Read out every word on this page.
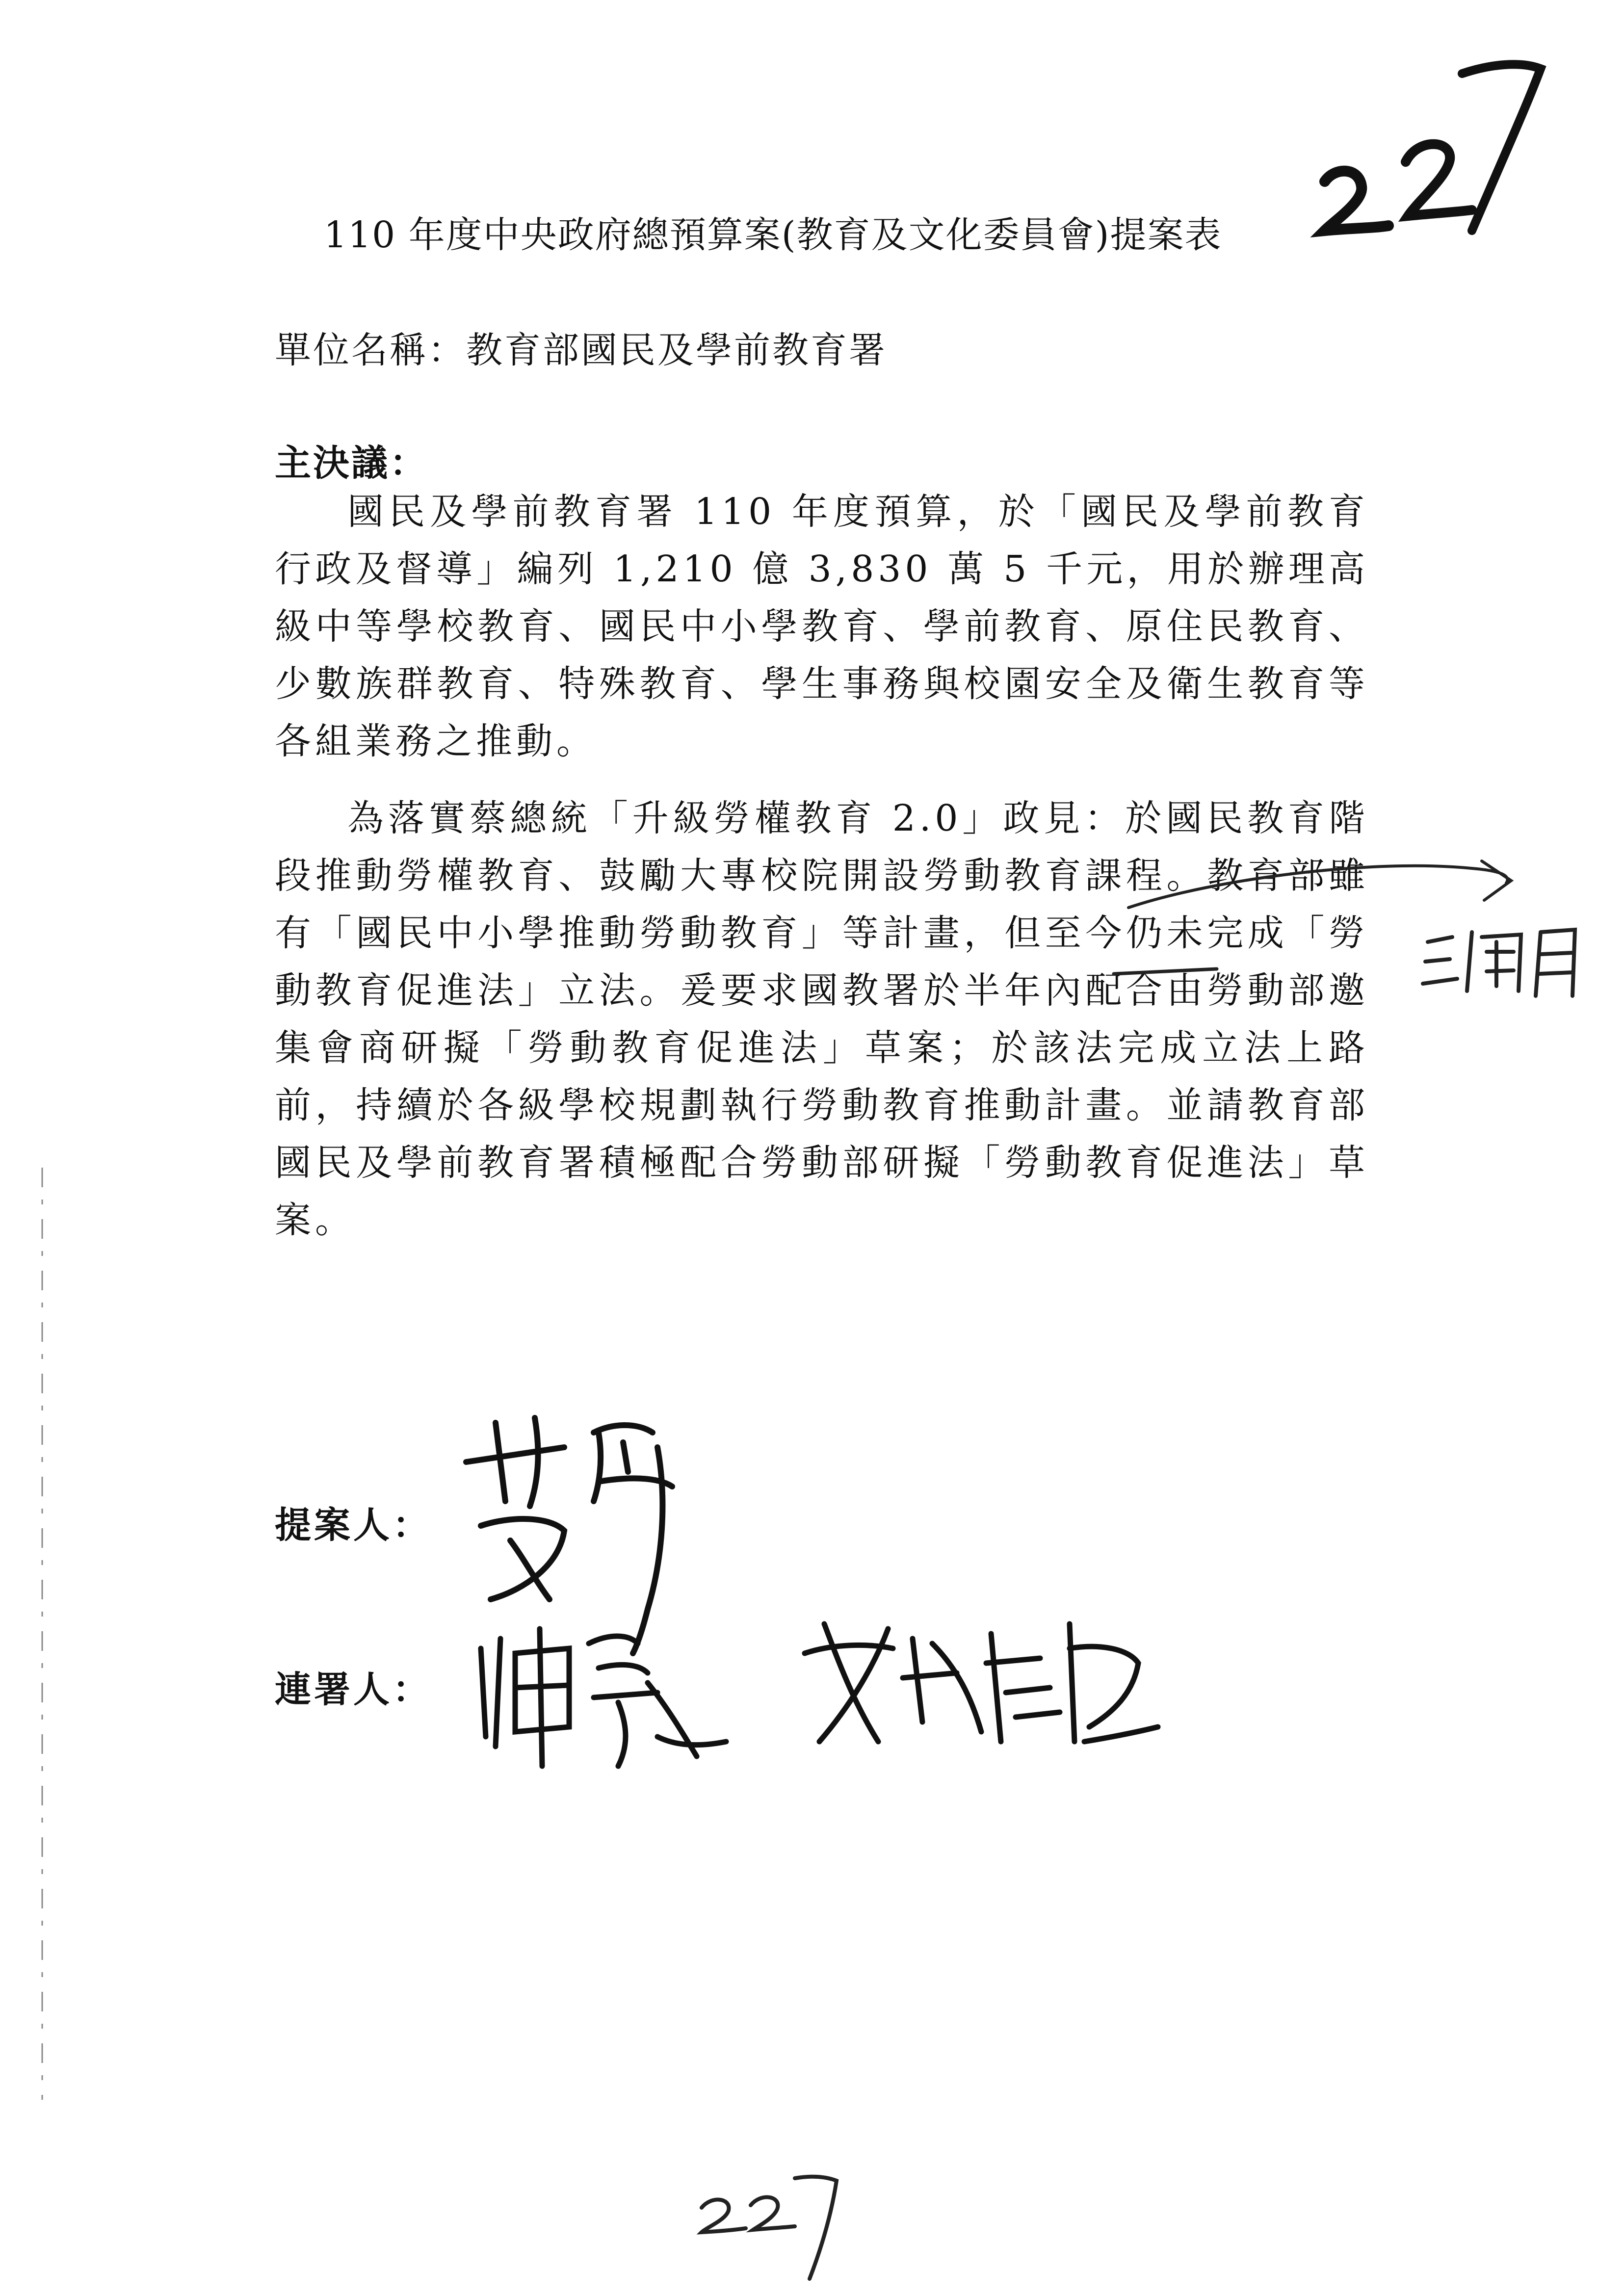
110 年度中央政府總預算案(教育及文化委員會)提案表
單位名稱：教育部國民及學前教育署
主決議：

國民及學前教育署 110 年度預算，於「國民及學前教育行政及督導」編列 1,210 億 3,830 萬 5 千元，用於辦理高級中等學校教育、國民中小學教育、學前教育、原住民教育、少數族群教育、特殊教育、學生事務與校園安全及衛生教育等各組業務之推動。

為落實蔡總統「升級勞權教育 2.0」政見：於國民教育階段推動勞權教育、鼓勵大專校院開設勞動教育課程。教育部雖有「國民中小學推動勞動教育」等計畫，但至今仍未完成「勞動教育促進法」立法。爰要求國教署於半年內配合由勞動部邀集會商研擬「勞動教育促進法」草案；於該法完成立法上路前，持續於各級學校規劃執行勞動教育推動計畫。並請教育部國民及學前教育署積極配合勞動部研擬「勞動教育促進法」草案。

提案人：
連署人：
